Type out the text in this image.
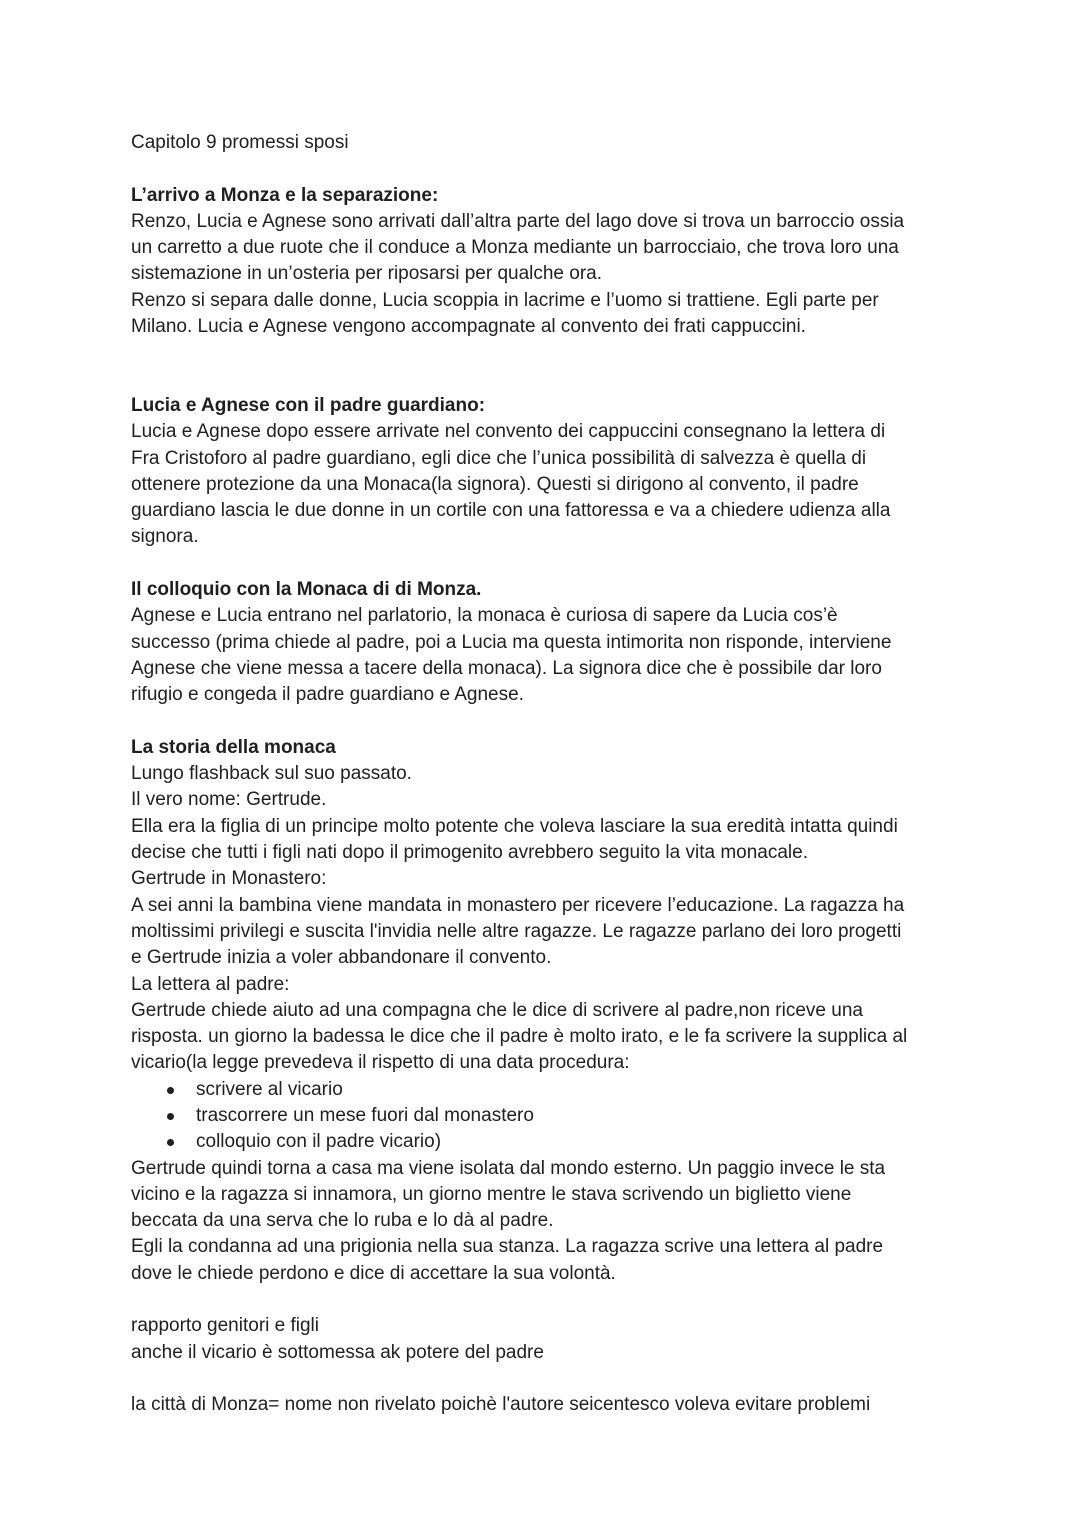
Capitolo 9 promessi sposi
L’arrivo a Monza e la separazione:
Renzo, Lucia e Agnese sono arrivati dall’altra parte del lago dove si trova un barroccio ossia
un carretto a due ruote che il conduce a Monza mediante un barrocciaio, che trova loro una
sistemazione in un’osteria per riposarsi per qualche ora.
Renzo si separa dalle donne, Lucia scoppia in lacrime e l’uomo si trattiene. Egli parte per
Milano. Lucia e Agnese vengono accompagnate al convento dei frati cappuccini.
Lucia e Agnese con il padre guardiano:
Lucia e Agnese dopo essere arrivate nel convento dei cappuccini consegnano la lettera di
Fra Cristoforo al padre guardiano, egli dice che l’unica possibilità di salvezza è quella di
ottenere protezione da una Monaca(la signora). Questi si dirigono al convento, il padre
guardiano lascia le due donne in un cortile con una fattoressa e va a chiedere udienza alla
signora.
Il colloquio con la Monaca di di Monza.
Agnese e Lucia entrano nel parlatorio, la monaca è curiosa di sapere da Lucia cos’è
successo (prima chiede al padre, poi a Lucia ma questa intimorita non risponde, interviene
Agnese che viene messa a tacere della monaca). La signora dice che è possibile dar loro
rifugio e congeda il padre guardiano e Agnese.
La storia della monaca
Lungo flashback sul suo passato.
Il vero nome: Gertrude.
Ella era la figlia di un principe molto potente che voleva lasciare la sua eredità intatta quindi
decise che tutti i figli nati dopo il primogenito avrebbero seguito la vita monacale.
Gertrude in Monastero:
A sei anni la bambina viene mandata in monastero per ricevere l’educazione. La ragazza ha
moltissimi privilegi e suscita l'invidia nelle altre ragazze. Le ragazze parlano dei loro progetti
e Gertrude inizia a voler abbandonare il convento.
La lettera al padre:
Gertrude chiede aiuto ad una compagna che le dice di scrivere al padre,non riceve una
risposta. un giorno la badessa le dice che il padre è molto irato, e le fa scrivere la supplica al
vicario(la legge prevedeva il rispetto di una data procedura:
scrivere al vicario
trascorrere un mese fuori dal monastero
colloquio con il padre vicario)
Gertrude quindi torna a casa ma viene isolata dal mondo esterno. Un paggio invece le sta
vicino e la ragazza si innamora, un giorno mentre le stava scrivendo un biglietto viene
beccata da una serva che lo ruba e lo dà al padre.
Egli la condanna ad una prigionia nella sua stanza. La ragazza scrive una lettera al padre
dove le chiede perdono e dice di accettare la sua volontà.
rapporto genitori e figli
anche il vicario è sottomessa ak potere del padre
la città di Monza= nome non rivelato poichè l'autore seicentesco voleva evitare problemi
